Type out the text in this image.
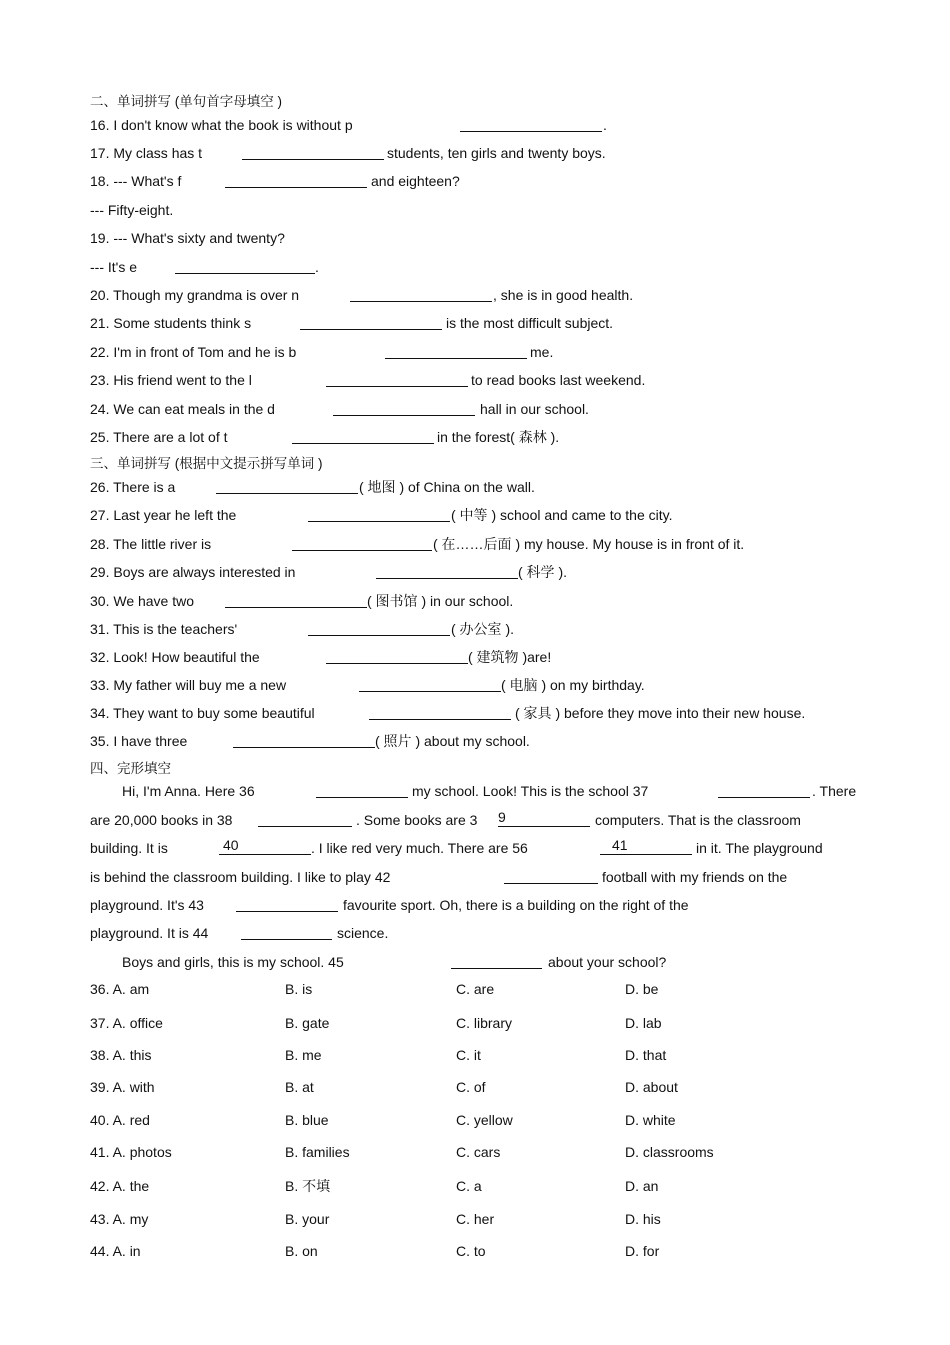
二、单词拼写 (单句首字母填空 )
16. I don't know what the book is without p	.
17. My class has t	students, ten girls and twenty boys.
18. --- What's f	and eighteen?
--- Fifty-eight.
19. --- What's sixty and twenty?
--- It's e	.
20. Though my grandma is over n	, she is in good health.
21. Some students think s	is the most difficult subject.
22. I'm in front of Tom and he is b	me.
23. His friend went to the l	to read books last weekend.
24. We can eat meals in the d	hall in our school.
25. There are a lot of t	in the forest( 森林 ).
三、单词拼写 (根据中文提示拼写单词 )
26. There is a	( 地图 ) of China on the wall.
27. Last year he left the	( 中等 ) school and came to the city.
28. The little river is	( 在……后面 ) my house. My house is in front of it.
29. Boys are always interested in	( 科学 ).
30. We have two	( 图书馆 ) in our school.
31. This is the teachers'	( 办公室 ).
32. Look! How beautiful the	( 建筑物 )are!
33. My father will buy me a new	( 电脑 ) on my birthday.
34. They want to buy some beautiful	( 家具 ) before they move into their new house.
35. I have three	( 照片 ) about my school.
四、完形填空
Hi, I'm Anna. Here 36	my school. Look! This is the school 37	. There
are 20,000 books in 38	. Some books are 3 9	computers. That is the classroom
building. It is	40	. I like red very much. There are 56	41	in it. The playground
is behind the classroom building. I like to play 42	football with my friends on the
playground. It's 43	favourite sport. Oh, there is a building on the right of the
playground. It is 44	science.
Boys and girls, this is my school. 45	about your school?
36. A. am	B. is	C. are	D. be
37. A. office	B. gate	C. library	D. lab
38. A. this	B. me	C. it	D. that
39. A. with	B. at	C. of	D. about
40. A. red	B. blue	C. yellow	D. white
41. A. photos	B. families	C. cars	D. classrooms
42. A. the	B. 不填	C. a	D. an
43. A. my	B. your	C. her	D. his
44. A. in	B. on	C. to	D. for
